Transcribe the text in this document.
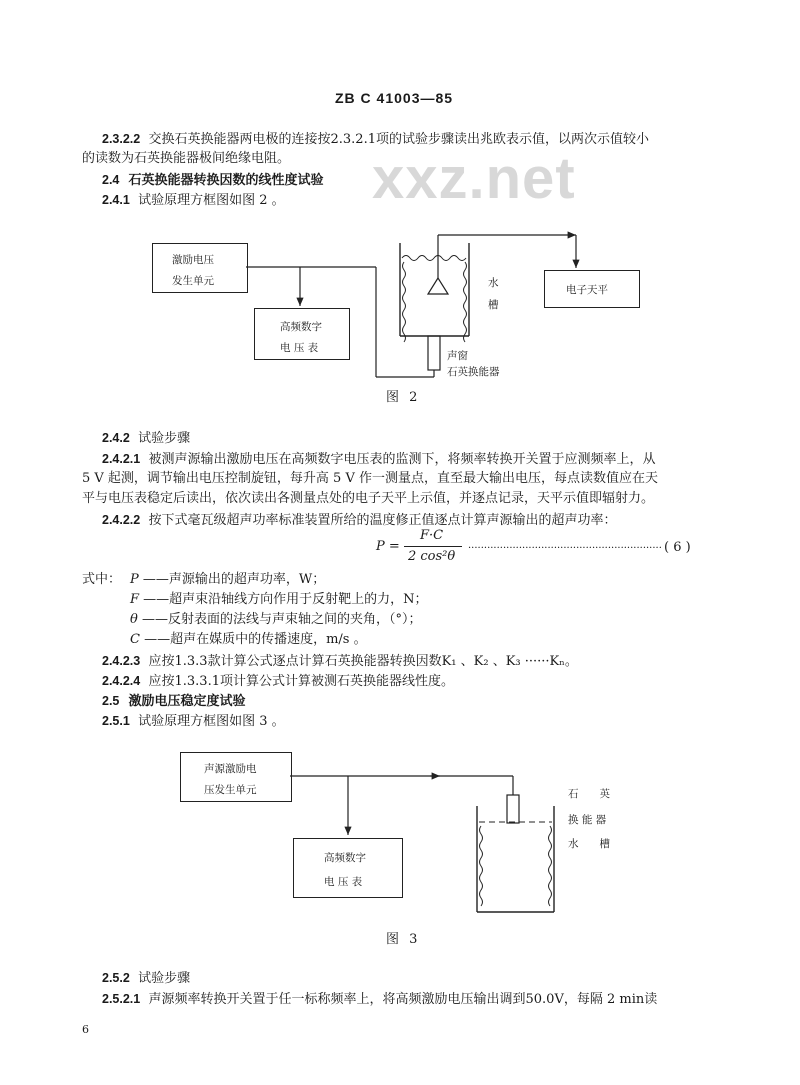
xxz.net
ZB C 41003—85
2.3.2.2 交换石英换能器两电极的连接按2.3.2.1项的试验步骤读出兆欧表示值，以两次示值较小
的读数为石英换能器极间绝缘电阻。
2.4 石英换能器转换因数的线性度试验
2.4.1 试验原理方框图如图 2 。
激励电压
发生单元
高频数字
电 压 表
水
槽
电子天平
声窗
石英换能器
图 2
2.4.2 试验步骤
2.4.2.1 被测声源输出激励电压在高频数字电压表的监测下，将频率转换开关置于应测频率上，从
5 V 起测，调节输出电压控制旋钮，每升高 5 V 作一测量点，直至最大输出电压，每点读数值应在天
平与电压表稳定后读出，依次读出各测量点处的电子天平上示值，并逐点记录，天平示值即辐射力。
2.4.2.2 按下式毫瓦级超声功率标准装置所给的温度修正值逐点计算声源输出的超声功率：
P =
F·C
2 cos²θ
····························································· ( 6 )
式中： P ——声源输出的超声功率，W；
F ——超声束沿轴线方向作用于反射靶上的力，N；
θ ——反射表面的法线与声束轴之间的夹角，（°）；
C ——超声在媒质中的传播速度，m/s 。
2.4.2.3 应按1.3.3款计算公式逐点计算石英换能器转换因数K₁ 、K₂ 、K₃ ······Kₙ。
2.4.2.4 应按1.3.3.1项计算公式计算被测石英换能器线性度。
2.5 激励电压稳定度试验
2.5.1 试验原理方框图如图 3 。
声源激励电
压发生单元
高频数字
电 压 表
石　　英
换 能 器
水　　槽
图 3
2.5.2 试验步骤
2.5.2.1 声源频率转换开关置于任一标称频率上，将高频激励电压输出调到50.0V，每隔 2 min读
6
